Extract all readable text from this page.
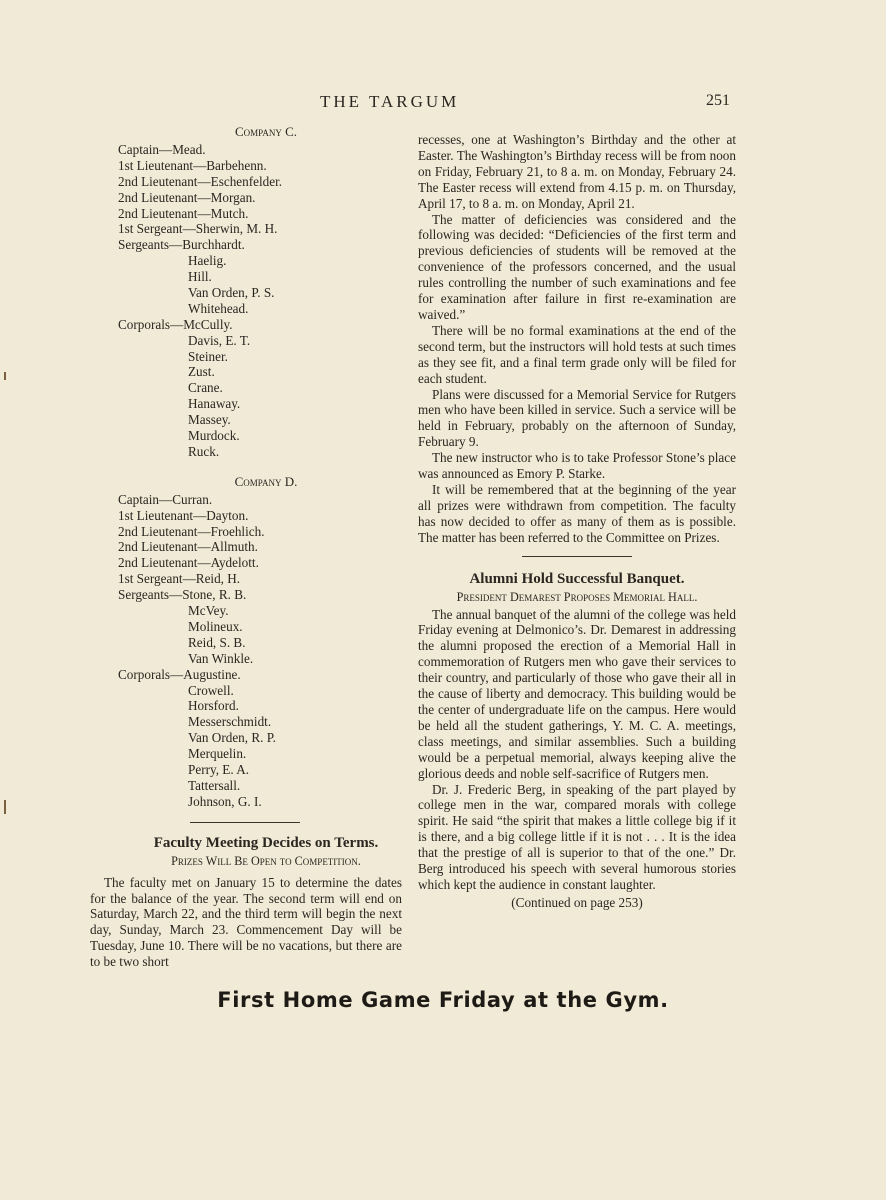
THE TARGUM	251
Company C.
Captain—Mead.
1st Lieutenant—Barbehenn.
2nd Lieutenant—Eschenfelder.
2nd Lieutenant—Morgan.
2nd Lieutenant—Mutch.
1st Sergeant—Sherwin, M. H.
Sergeants—Burchhardt.
Haelig.
Hill.
Van Orden, P. S.
Whitehead.
Corporals—McCully.
Davis, E. T.
Steiner.
Zust.
Crane.
Hanaway.
Massey.
Murdock.
Ruck.
Company D.
Captain—Curran.
1st Lieutenant—Dayton.
2nd Lieutenant—Froehlich.
2nd Lieutenant—Allmuth.
2nd Lieutenant—Aydelott.
1st Sergeant—Reid, H.
Sergeants—Stone, R. B.
McVey.
Molineux.
Reid, S. B.
Van Winkle.
Corporals—Augustine.
Crowell.
Horsford.
Messerschmidt.
Van Orden, R. P.
Merquelin.
Perry, E. A.
Tattersall.
Johnson, G. I.
Faculty Meeting Decides on Terms.
Prizes Will Be Open to Competition.

The faculty met on January 15 to determine the dates for the balance of the year. The second term will end on Saturday, March 22, and the third term will begin the next day, Sunday, March 23. Commencement Day will be Tuesday, June 10. There will be no vacations, but there are to be two short

recesses, one at Washington’s Birthday and the other at Easter. The Washington’s Birthday recess will be from noon on Friday, February 21, to 8 a. m. on Monday, February 24. The Easter recess will extend from 4.15 p. m. on Thursday, April 17, to 8 a. m. on Monday, April 21.

The matter of deficiencies was considered and the following was decided: “Deficiencies of the first term and previous deficiencies of students will be removed at the convenience of the professors concerned, and the usual rules controlling the number of such examinations and fee for examination after failure in first re-examination are waived.”

There will be no formal examinations at the end of the second term, but the instructors will hold tests at such times as they see fit, and a final term grade only will be filed for each student.

Plans were discussed for a Memorial Service for Rutgers men who have been killed in service. Such a service will be held in February, probably on the afternoon of Sunday, February 9.

The new instructor who is to take Professor Stone’s place was announced as Emory P. Starke.

It will be remembered that at the beginning of the year all prizes were withdrawn from competition. The faculty has now decided to offer as many of them as is possible. The matter has been referred to the Committee on Prizes.

Alumni Hold Successful Banquet.
President Demarest Proposes Memorial Hall.

The annual banquet of the alumni of the college was held Friday evening at Delmonico’s. Dr. Demarest in addressing the alumni proposed the erection of a Memorial Hall in commemoration of Rutgers men who gave their services to their country, and particularly of those who gave their all in the cause of liberty and democracy. This building would be the center of undergraduate life on the campus. Here would be held all the student gatherings, Y. M. C. A. meetings, class meetings, and similar assemblies. Such a building would be a perpetual memorial, always keeping alive the glorious deeds and noble self-sacrifice of Rutgers men.

Dr. J. Frederic Berg, in speaking of the part played by college men in the war, compared morals with college spirit. He said “the spirit that makes a little college big if it is there, and a big college little if it is not . . . It is the idea that the prestige of all is superior to that of the one.” Dr. Berg introduced his speech with several humorous stories which kept the audience in constant laughter.

(Continued on page 253)
First Home Game Friday at the Gym.
